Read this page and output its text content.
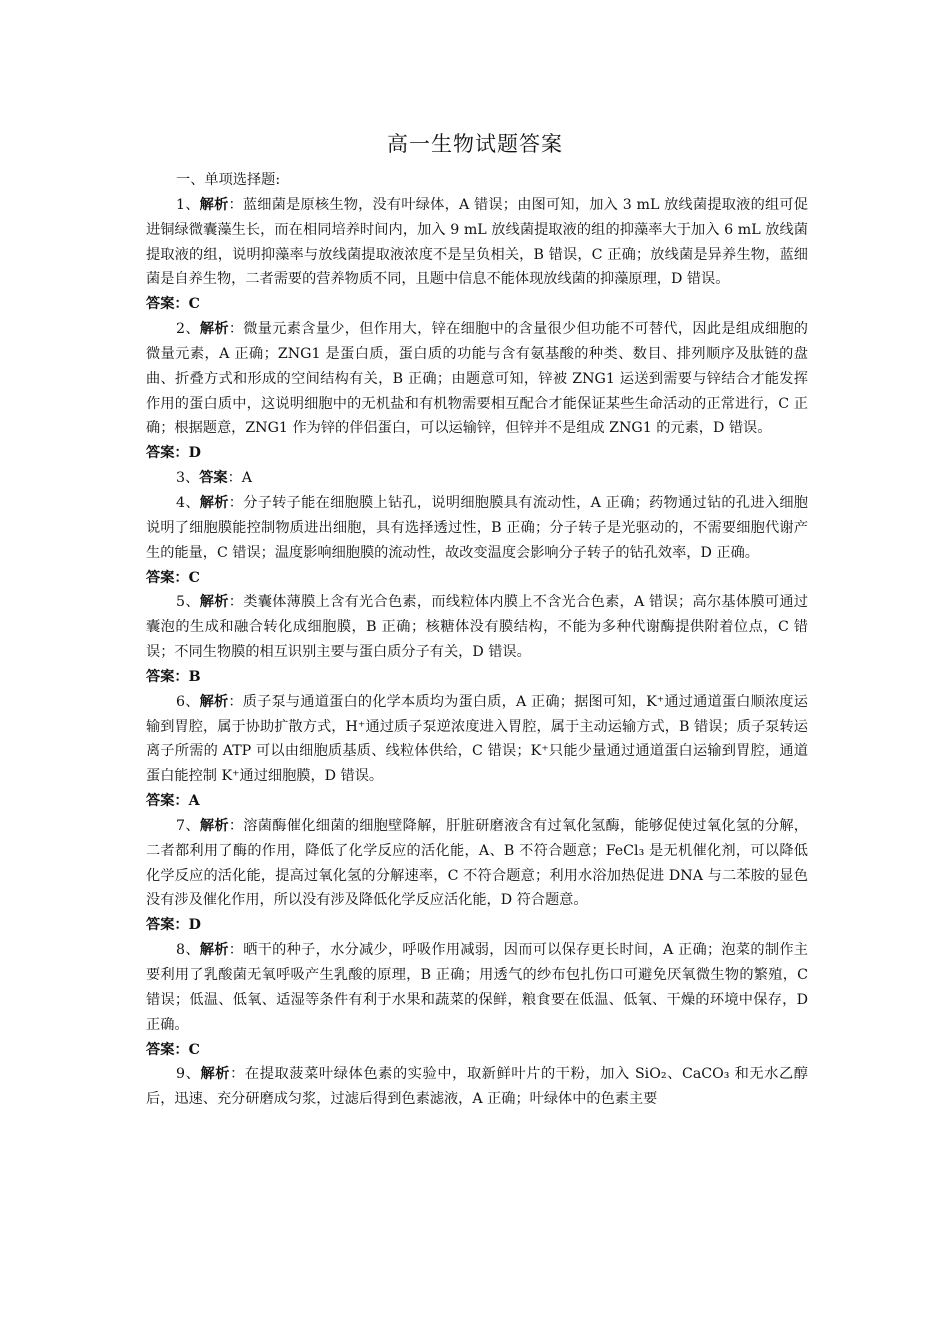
高一生物试题答案

一、单项选择题:

1、解析：蓝细菌是原核生物，没有叶绿体，A 错误；由图可知，加入 3 mL 放线菌提取液的组可促进铜绿微囊藻生长，而在相同培养时间内，加入 9 mL 放线菌提取液的组的抑藻率大于加入 6 mL 放线菌提取液的组，说明抑藻率与放线菌提取液浓度不是呈负相关，B 错误，C 正确；放线菌是异养生物，蓝细菌是自养生物，二者需要的营养物质不同，且题中信息不能体现放线菌的抑藻原理，D 错误。

答案：C

2、解析：微量元素含量少，但作用大，锌在细胞中的含量很少但功能不可替代，因此是组成细胞的微量元素，A 正确；ZNG1 是蛋白质，蛋白质的功能与含有氨基酸的种类、数目、排列顺序及肽链的盘曲、折叠方式和形成的空间结构有关，B 正确；由题意可知，锌被 ZNG1 运送到需要与锌结合才能发挥作用的蛋白质中，这说明细胞中的无机盐和有机物需要相互配合才能保证某些生命活动的正常进行，C 正确；根据题意，ZNG1 作为锌的伴侣蛋白，可以运输锌，但锌并不是组成 ZNG1 的元素，D 错误。

答案：D

3、答案：A

4、解析：分子转子能在细胞膜上钻孔，说明细胞膜具有流动性，A 正确；药物通过钻的孔进入细胞说明了细胞膜能控制物质进出细胞，具有选择透过性，B 正确；分子转子是光驱动的，不需要细胞代谢产生的能量，C 错误；温度影响细胞膜的流动性，故改变温度会影响分子转子的钻孔效率，D 正确。

答案：C

5、解析：类囊体薄膜上含有光合色素，而线粒体内膜上不含光合色素，A 错误；高尔基体膜可通过囊泡的生成和融合转化成细胞膜，B 正确；核糖体没有膜结构，不能为多种代谢酶提供附着位点，C 错误；不同生物膜的相互识别主要与蛋白质分子有关，D 错误。

答案：B

6、解析：质子泵与通道蛋白的化学本质均为蛋白质，A 正确；据图可知，K⁺通过通道蛋白顺浓度运输到胃腔，属于协助扩散方式，H⁺通过质子泵逆浓度进入胃腔，属于主动运输方式，B 错误；质子泵转运离子所需的 ATP 可以由细胞质基质、线粒体供给，C 错误；K⁺只能少量通过通道蛋白运输到胃腔，通道蛋白能控制 K⁺通过细胞膜，D 错误。

答案：A

7、解析：溶菌酶催化细菌的细胞壁降解，肝脏研磨液含有过氧化氢酶，能够促使过氧化氢的分解，二者都利用了酶的作用，降低了化学反应的活化能，A、B 不符合题意；FeCl₃ 是无机催化剂，可以降低化学反应的活化能，提高过氧化氢的分解速率，C 不符合题意；利用水浴加热促进 DNA 与二苯胺的显色没有涉及催化作用，所以没有涉及降低化学反应活化能，D 符合题意。

答案：D

8、解析：晒干的种子，水分减少，呼吸作用减弱，因而可以保存更长时间，A 正确；泡菜的制作主要利用了乳酸菌无氧呼吸产生乳酸的原理，B 正确；用透气的纱布包扎伤口可避免厌氧微生物的繁殖，C 错误；低温、低氧、适湿等条件有利于水果和蔬菜的保鲜，粮食要在低温、低氧、干燥的环境中保存，D 正确。

答案：C

9、解析：在提取菠菜叶绿体色素的实验中，取新鲜叶片的干粉，加入 SiO₂、CaCO₃ 和无水乙醇后，迅速、充分研磨成匀浆，过滤后得到色素滤液，A 正确；叶绿体中的色素主要
